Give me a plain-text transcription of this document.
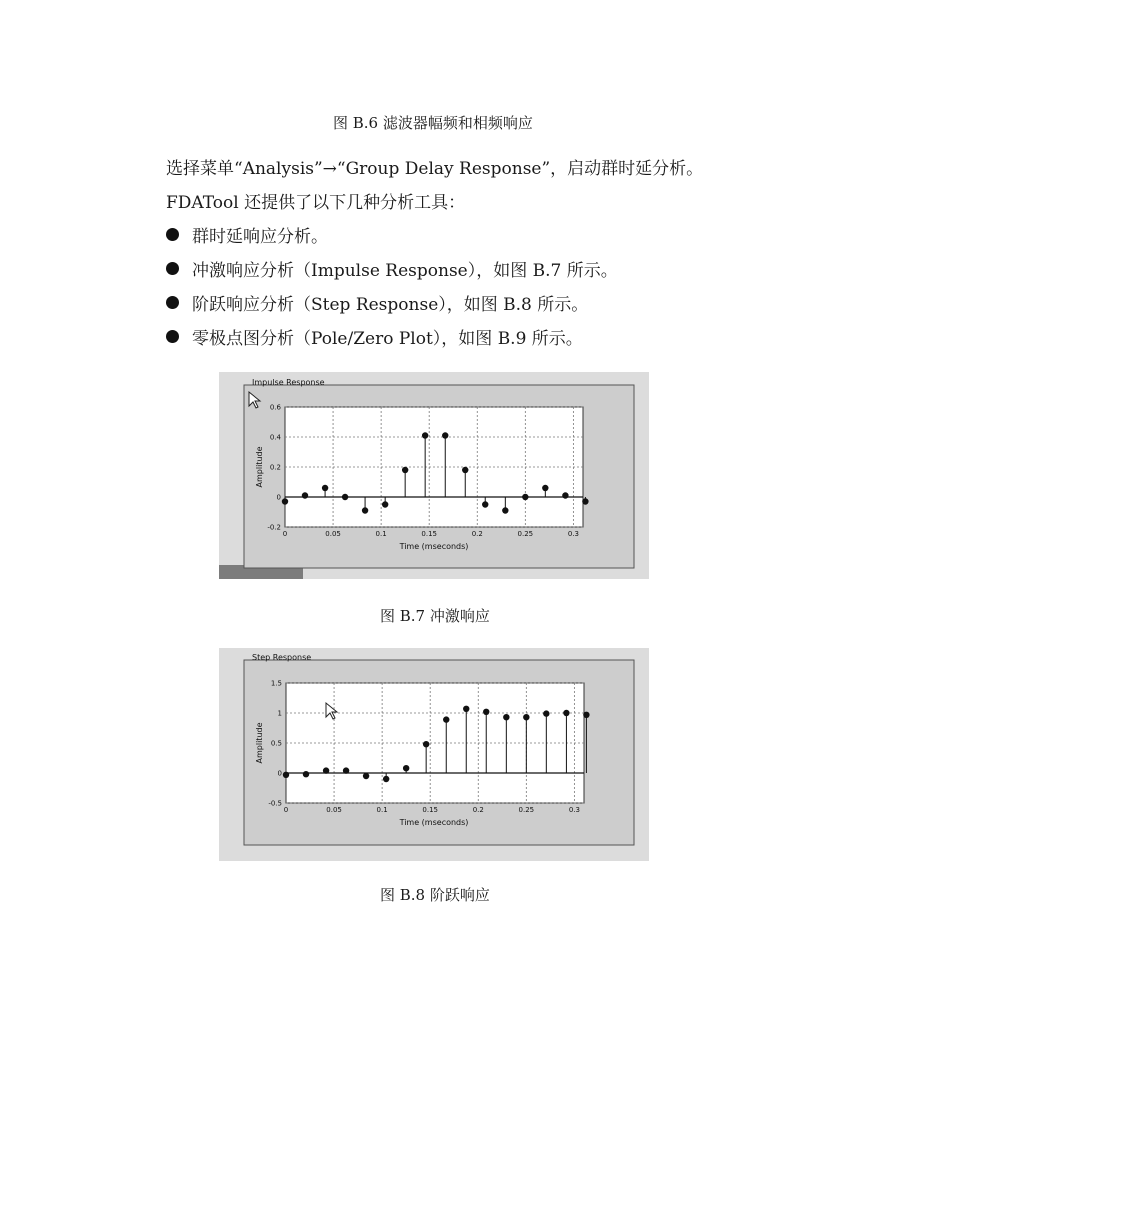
图 B.6 滤波器幅频和相频响应
选择菜单“Analysis”→“Group Delay Response”，启动群时延分析。
FDATool 还提供了以下几种分析工具：
群时延响应分析。
冲激响应分析（Impulse Response），如图 B.7 所示。
阶跃响应分析（Step Response），如图 B.8 所示。
零极点图分析（Pole/Zero Plot），如图 B.9 所示。
Impulse Response
0	0.05	0.1	0.15	0.2	0.25	0.3
-0.2
0
0.2
0.4
0.6
Time (mseconds)
Amplitude
图 B.7 冲激响应
Step Response
0	0.05	0.1	0.15	0.2	0.25	0.3
-0.5
0
0.5
1
1.5
Time (mseconds)
Amplitude
图 B.8 阶跃响应
